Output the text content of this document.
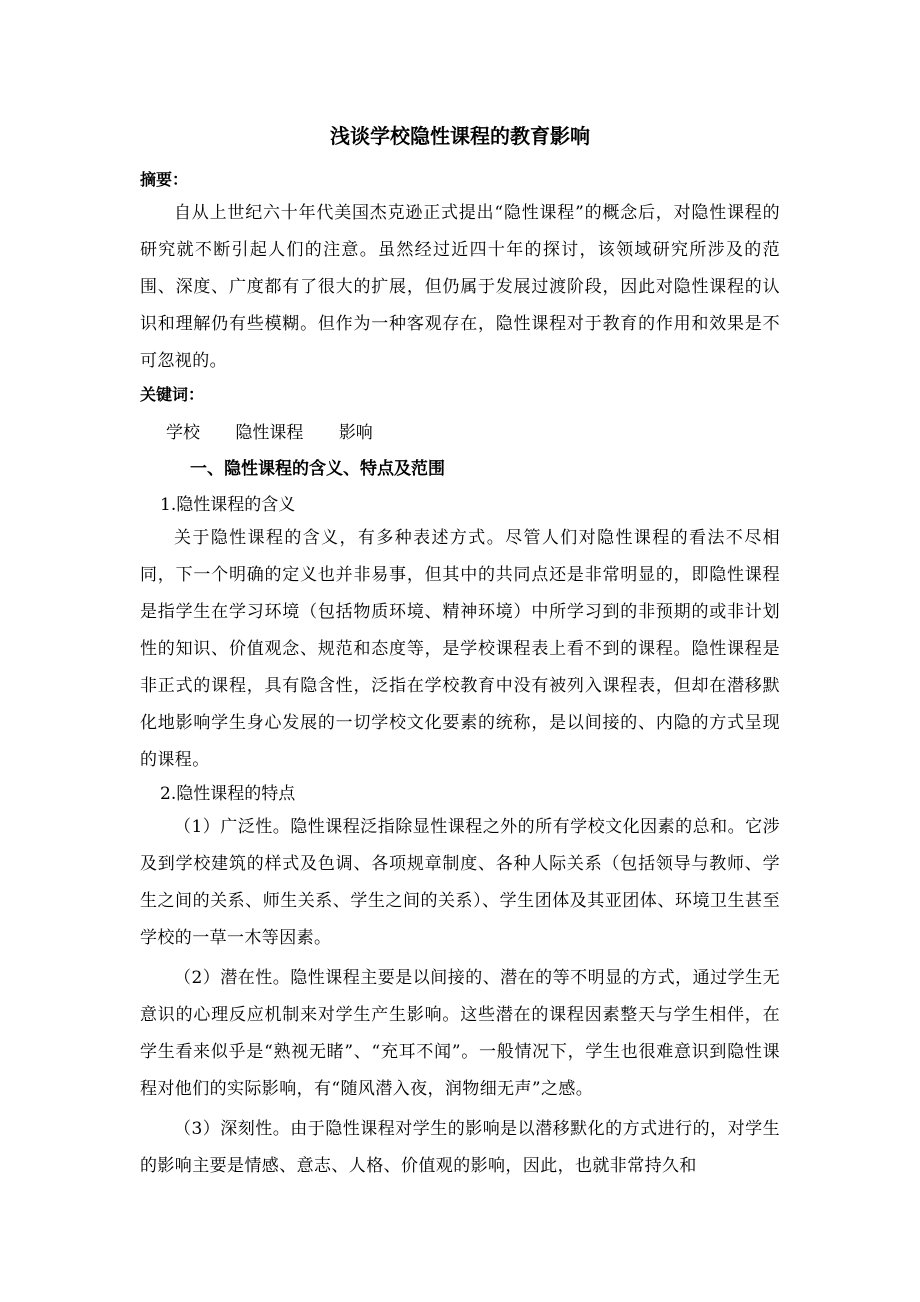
浅谈学校隐性课程的教育影响
摘要：

自从上世纪六十年代美国杰克逊正式提出“隐性课程”的概念后，对隐性课程的研究就不断引起人们的注意。虽然经过近四十年的探讨，该领域研究所涉及的范围、深度、广度都有了很大的扩展，但仍属于发展过渡阶段，因此对隐性课程的认识和理解仍有些模糊。但作为一种客观存在，隐性课程对于教育的作用和效果是不可忽视的。

关键词：
学校 隐性课程 影响
一、隐性课程的含义、特点及范围
1.隐性课程的含义

关于隐性课程的含义，有多种表述方式。尽管人们对隐性课程的看法不尽相同，下一个明确的定义也并非易事，但其中的共同点还是非常明显的，即隐性课程是指学生在学习环境（包括物质环境、精神环境）中所学习到的非预期的或非计划性的知识、价值观念、规范和态度等，是学校课程表上看不到的课程。隐性课程是非正式的课程，具有隐含性，泛指在学校教育中没有被列入课程表，但却在潜移默化地影响学生身心发展的一切学校文化要素的统称，是以间接的、内隐的方式呈现的课程。

2.隐性课程的特点

（1）广泛性。隐性课程泛指除显性课程之外的所有学校文化因素的总和。它涉及到学校建筑的样式及色调、各项规章制度、各种人际关系（包括领导与教师、学生之间的关系、师生关系、学生之间的关系）、学生团体及其亚团体、环境卫生甚至学校的一草一木等因素。

（2）潜在性。隐性课程主要是以间接的、潜在的等不明显的方式，通过学生无意识的心理反应机制来对学生产生影响。这些潜在的课程因素整天与学生相伴，在学生看来似乎是“熟视无睹”、“充耳不闻”。一般情况下，学生也很难意识到隐性课程对他们的实际影响，有“随风潜入夜，润物细无声”之感。

（3）深刻性。由于隐性课程对学生的影响是以潜移默化的方式进行的，对学生的影响主要是情感、意志、人格、价值观的影响，因此，也就非常持久和
